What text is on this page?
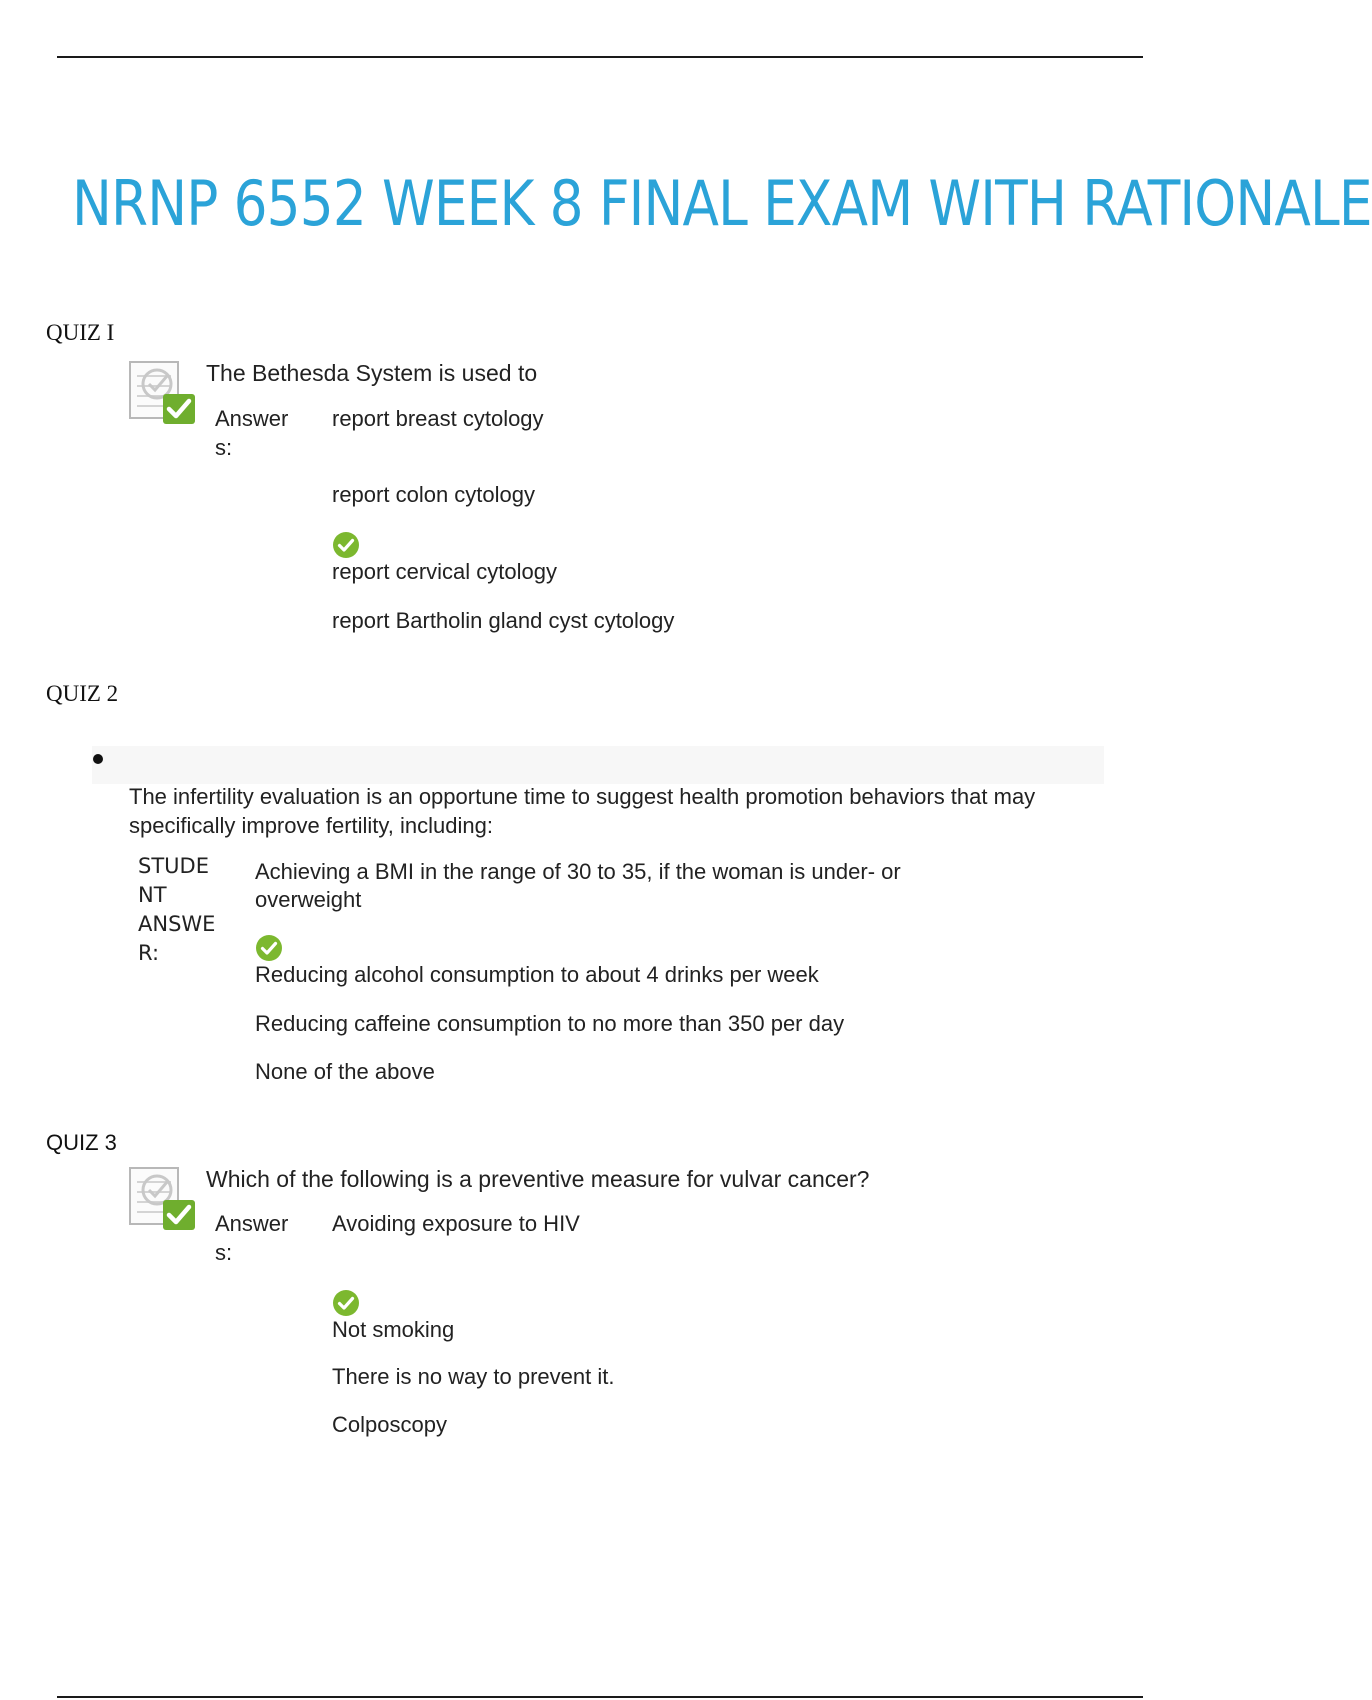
NRNP 6552 WEEK 8 FINAL EXAM WITH RATIONALE
QUIZ I
The Bethesda System is used to
Answer s:
report breast cytology
report colon cytology
report cervical cytology
report Bartholin gland cyst cytology
QUIZ 2
The infertility evaluation is an opportune time to suggest health promotion behaviors that may specifically improve fertility, including:
STUDE NT ANSWE R:
Achieving a BMI in the range of 30 to 35, if the woman is under- or overweight
Reducing alcohol consumption to about 4 drinks per week
Reducing caffeine consumption to no more than 350 per day
None of the above
QUIZ 3
Which of the following is a preventive measure for vulvar cancer?
Answer s:
Avoiding exposure to HIV
Not smoking
There is no way to prevent it.
Colposcopy
